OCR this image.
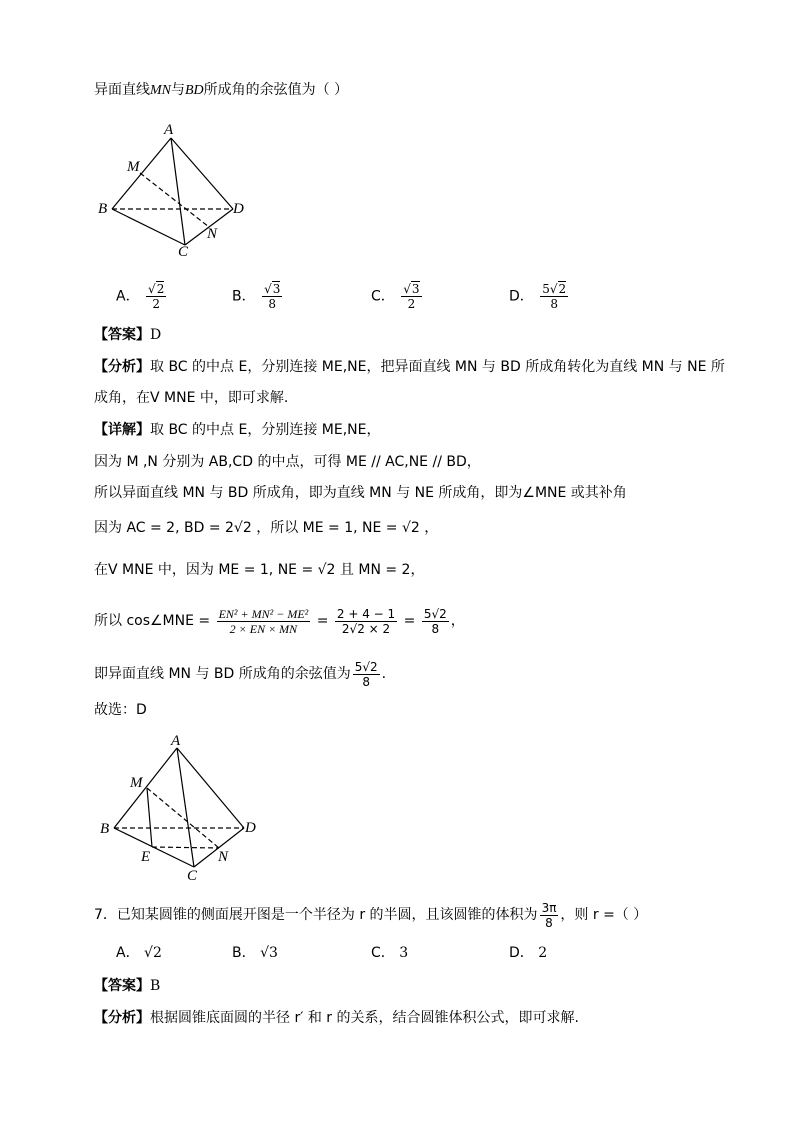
异面直线MN与BD所成角的余弦值为（ ）
A
M
B	D
N
C
A． √ $\frac{2}{2}$	B． √ $\frac{3}{8}$	C． √ $\frac{3}{2}$	D． $\frac{5 √ 2}{8}$
【答案】D
【分析】取 BC 的中点 E，分别连接 ME,NE，把异面直线 MN 与 BD 所成角转化为直线 MN 与 NE 所
成角，在V MNE 中，即可求解.
【详解】取 BC 的中点 E，分别连接 ME,NE，
因为 M ,N 分别为 AB,CD 的中点，可得 ME // AC,NE // BD，
所以异面直线 MN 与 BD 所成角，即为直线 MN 与 NE 所成角，即为∠MNE 或其补角
因为 AC = 2, BD = 2√2 ，所以 ME = 1, NE = √2 ，
在V MNE 中，因为 ME = 1, NE = √2 且 MN = 2，
所以 cos∠MNE = $\frac{\text{EN² + MN² − ME²}}{2 \times EN \times MN} = \frac{2 + 4 - 1}{2√2 \times 2} = \frac{5√2}{8}$ ，
即异面直线 MN 与 BD 所成角的余弦值为 $\frac{5√2}{8}$ .
故选：D
A
M
B	D
E	N
C
7．已知某圆锥的侧面展开图是一个半径为 r 的半圆，且该圆锥的体积为 $\frac{3\pi}{8}$ ，则 r =（ ）
A． √2	B． √3	C． 3	D． 2
【答案】B
【分析】根据圆锥底面圆的半径 r′ 和 r 的关系，结合圆锥体积公式，即可求解.
